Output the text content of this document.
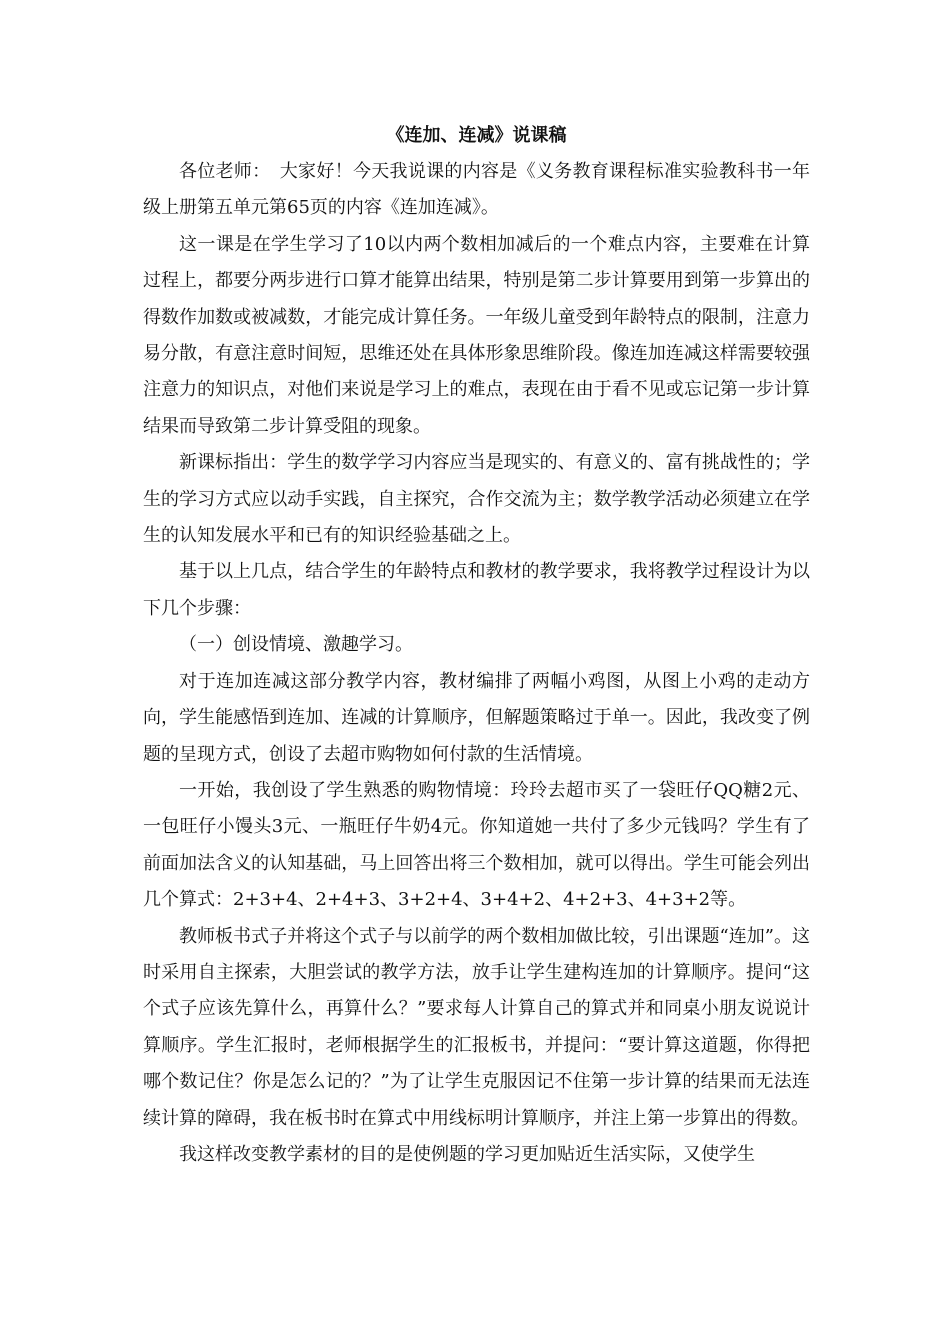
《连加、连减》说课稿

各位老师：　大家好！今天我说课的内容是《义务教育课程标准实验教科书一年级上册第五单元第65页的内容《连加连减》。

这一课是在学生学习了10以内两个数相加减后的一个难点内容，主要难在计算过程上，都要分两步进行口算才能算出结果，特别是第二步计算要用到第一步算出的得数作加数或被减数，才能完成计算任务。一年级儿童受到年龄特点的限制，注意力易分散，有意注意时间短，思维还处在具体形象思维阶段。像连加连减这样需要较强注意力的知识点，对他们来说是学习上的难点，表现在由于看不见或忘记第一步计算结果而导致第二步计算受阻的现象。

新课标指出：学生的数学学习内容应当是现实的、有意义的、富有挑战性的；学生的学习方式应以动手实践，自主探究，合作交流为主；数学教学活动必须建立在学生的认知发展水平和已有的知识经验基础之上。

基于以上几点，结合学生的年龄特点和教材的教学要求，我将教学过程设计为以下几个步骤：

（一）创设情境、激趣学习。

对于连加连减这部分教学内容，教材编排了两幅小鸡图，从图上小鸡的走动方向，学生能感悟到连加、连减的计算顺序，但解题策略过于单一。因此，我改变了例题的呈现方式，创设了去超市购物如何付款的生活情境。

一开始，我创设了学生熟悉的购物情境：玲玲去超市买了一袋旺仔QQ糖2元、一包旺仔小馒头3元、一瓶旺仔牛奶4元。你知道她一共付了多少元钱吗？学生有了前面加法含义的认知基础，马上回答出将三个数相加，就可以得出。学生可能会列出几个算式：2+3+4、2+4+3、3+2+4、3+4+2、4+2+3、4+3+2等。

教师板书式子并将这个式子与以前学的两个数相加做比较，引出课题“连加”。这时采用自主探索，大胆尝试的教学方法，放手让学生建构连加的计算顺序。提问“这个式子应该先算什么，再算什么？”要求每人计算自己的算式并和同桌小朋友说说计算顺序。学生汇报时，老师根据学生的汇报板书，并提问：“要计算这道题，你得把哪个数记住？你是怎么记的？”为了让学生克服因记不住第一步计算的结果而无法连续计算的障碍，我在板书时在算式中用线标明计算顺序，并注上第一步算出的得数。

我这样改变教学素材的目的是使例题的学习更加贴近生活实际，又使学生
